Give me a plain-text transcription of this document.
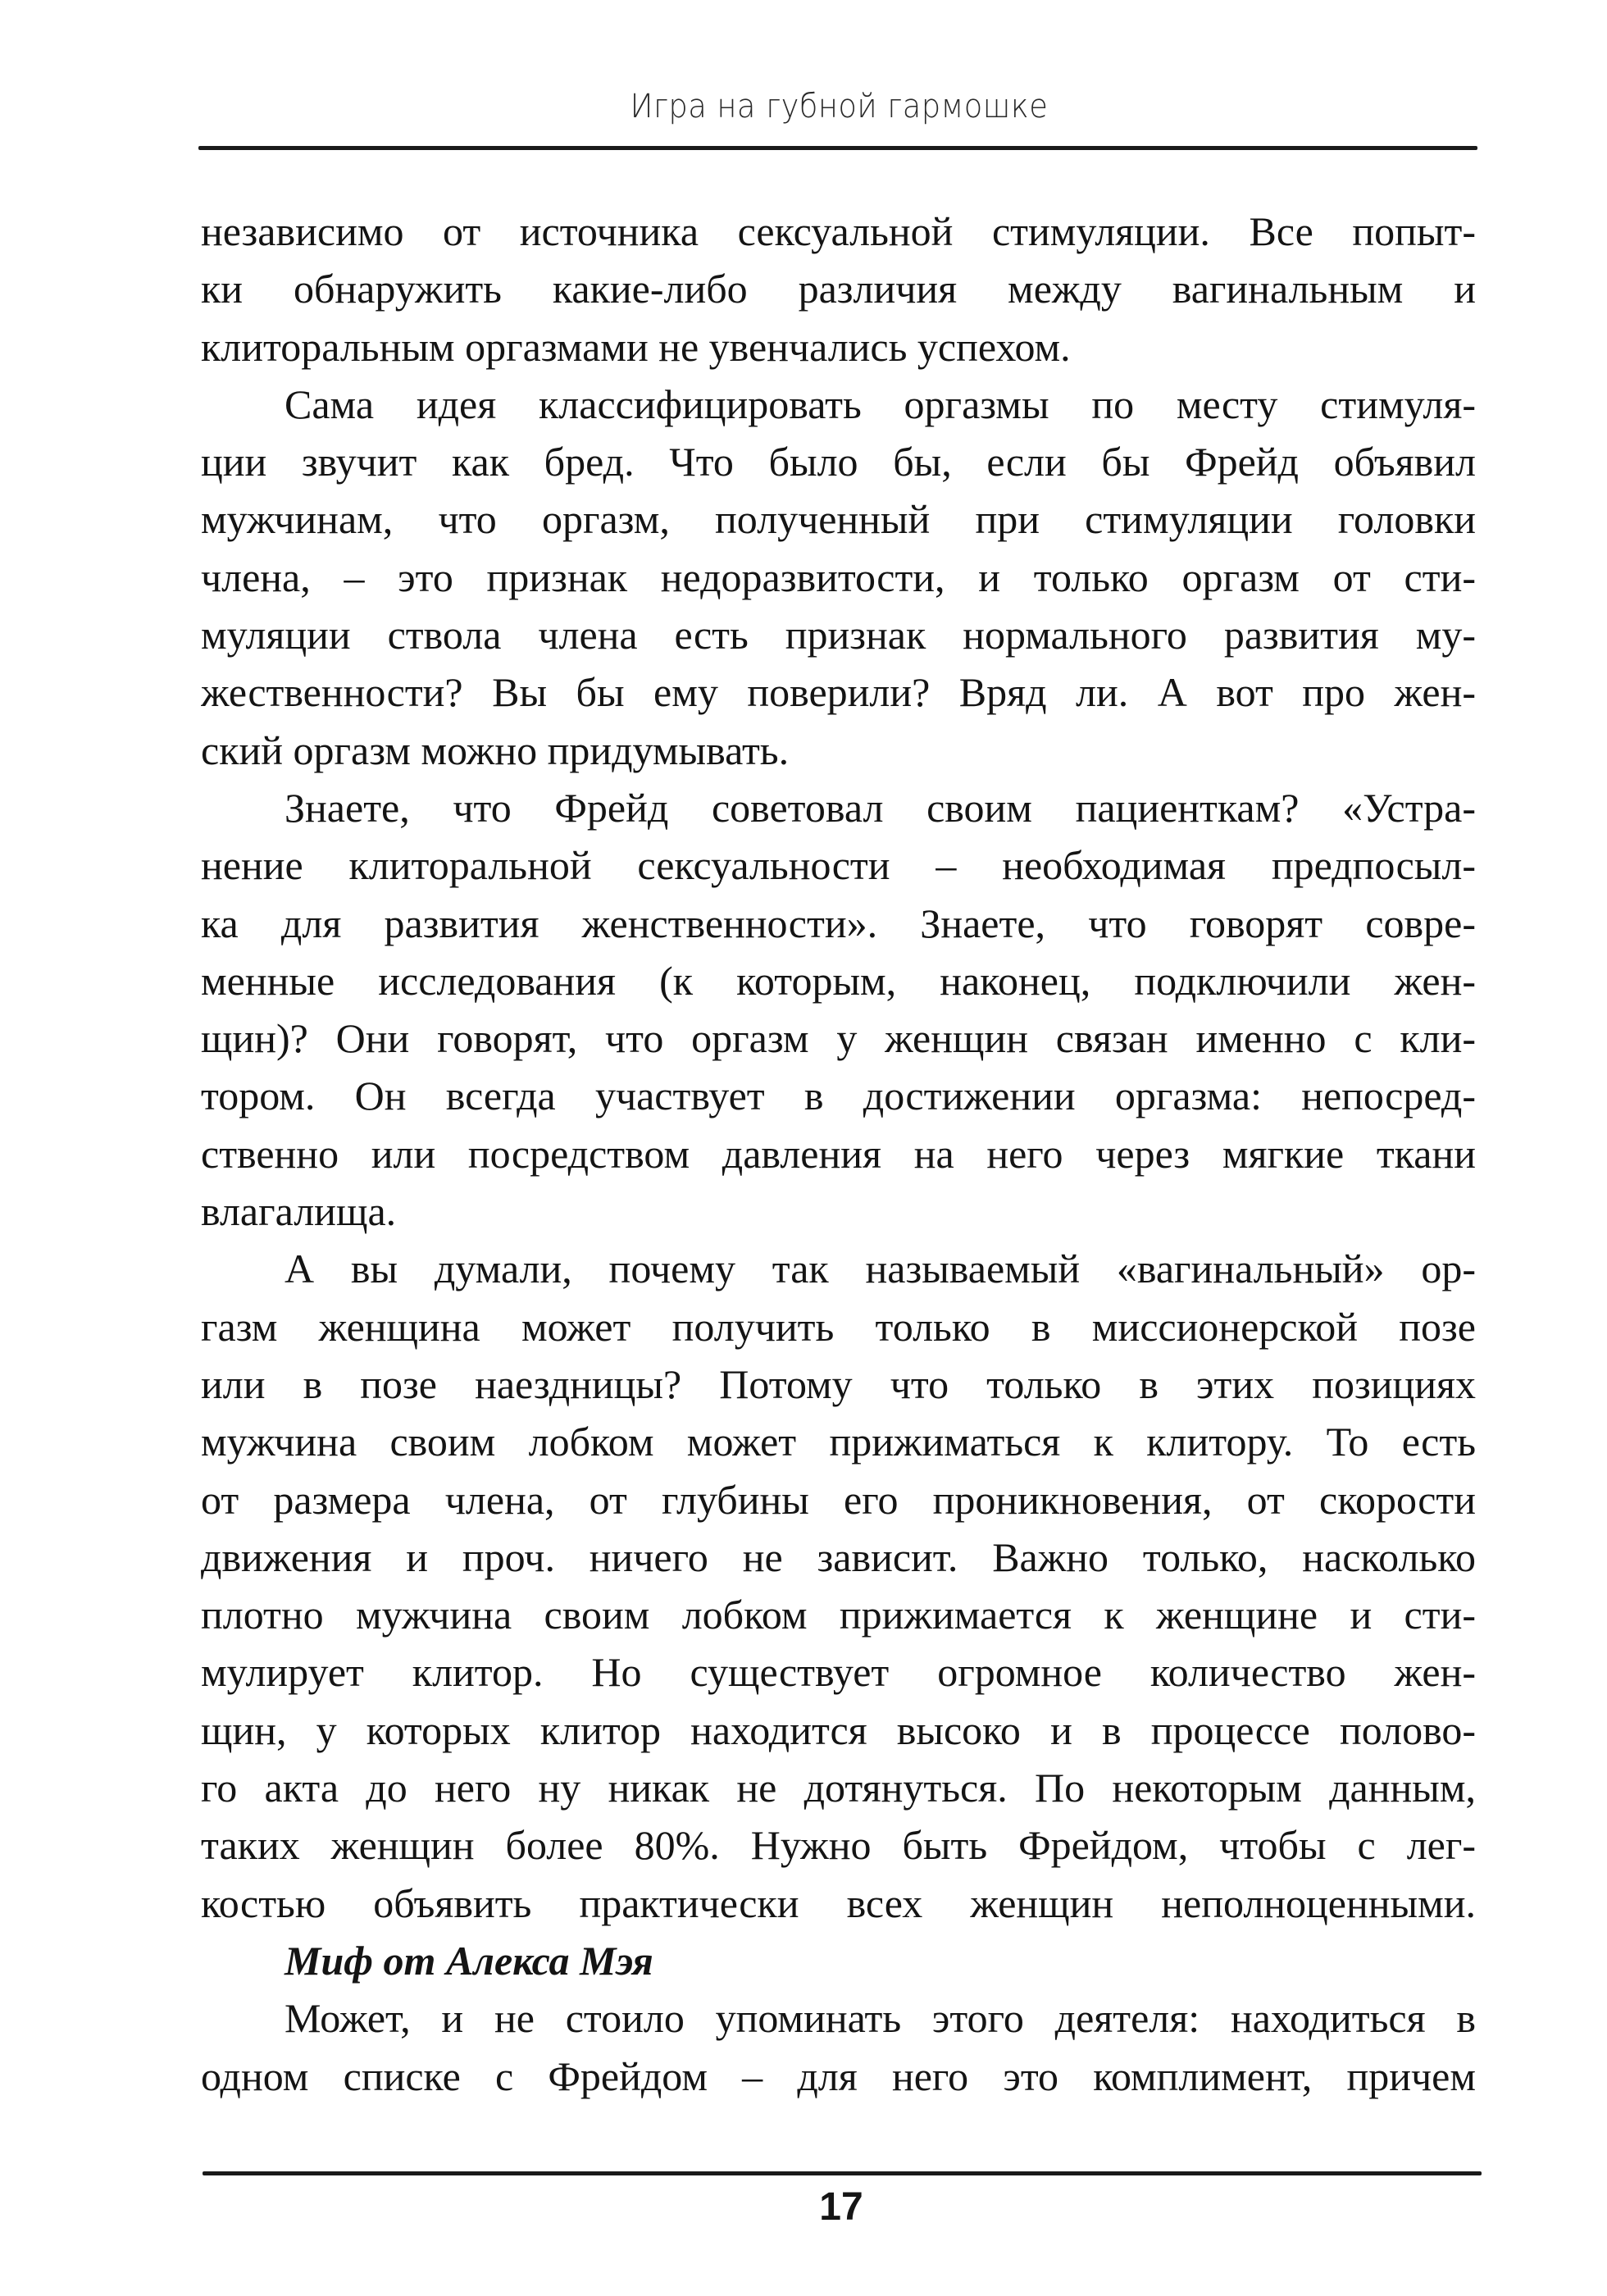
Игра на губной гармошке
независимо от источника сексуальной стимуляции. Все попыт-
ки обнаружить какие-либо различия между вагинальным и
клиторальным оргазмами не увенчались успехом.
Сама идея классифицировать оргазмы по месту стимуля-
ции звучит как бред. Что было бы, если бы Фрейд объявил
мужчинам, что оргазм, полученный при стимуляции головки
члена, – это признак недоразвитости, и только оргазм от сти-
муляции ствола члена есть признак нормального развития му-
жественности? Вы бы ему поверили? Вряд ли. А вот про жен-
ский оргазм можно придумывать.
Знаете, что Фрейд советовал своим пациенткам? «Устра-
нение клиторальной сексуальности – необходимая предпосыл-
ка для развития женственности». Знаете, что говорят совре-
менные исследования (к которым, наконец, подключили жен-
щин)? Они говорят, что оргазм у женщин связан именно с кли-
тором. Он всегда участвует в достижении оргазма: непосред-
ственно или посредством давления на него через мягкие ткани
влагалища.
А вы думали, почему так называемый «вагинальный» ор-
газм женщина может получить только в миссионерской позе
или в позе наездницы? Потому что только в этих позициях
мужчина своим лобком может прижиматься к клитору. То есть
от размера члена, от глубины его проникновения, от скорости
движения и проч. ничего не зависит. Важно только, насколько
плотно мужчина своим лобком прижимается к женщине и сти-
мулирует клитор. Но существует огромное количество жен-
щин, у которых клитор находится высоко и в процессе полово-
го акта до него ну никак не дотянуться. По некоторым данным,
таких женщин более 80%. Нужно быть Фрейдом, чтобы с лег-
костью объявить практически всех женщин неполноценными.
Миф от Алекса Мэя
Может, и не стоило упоминать этого деятеля: находиться в
одном списке с Фрейдом – для него это комплимент, причем
17
